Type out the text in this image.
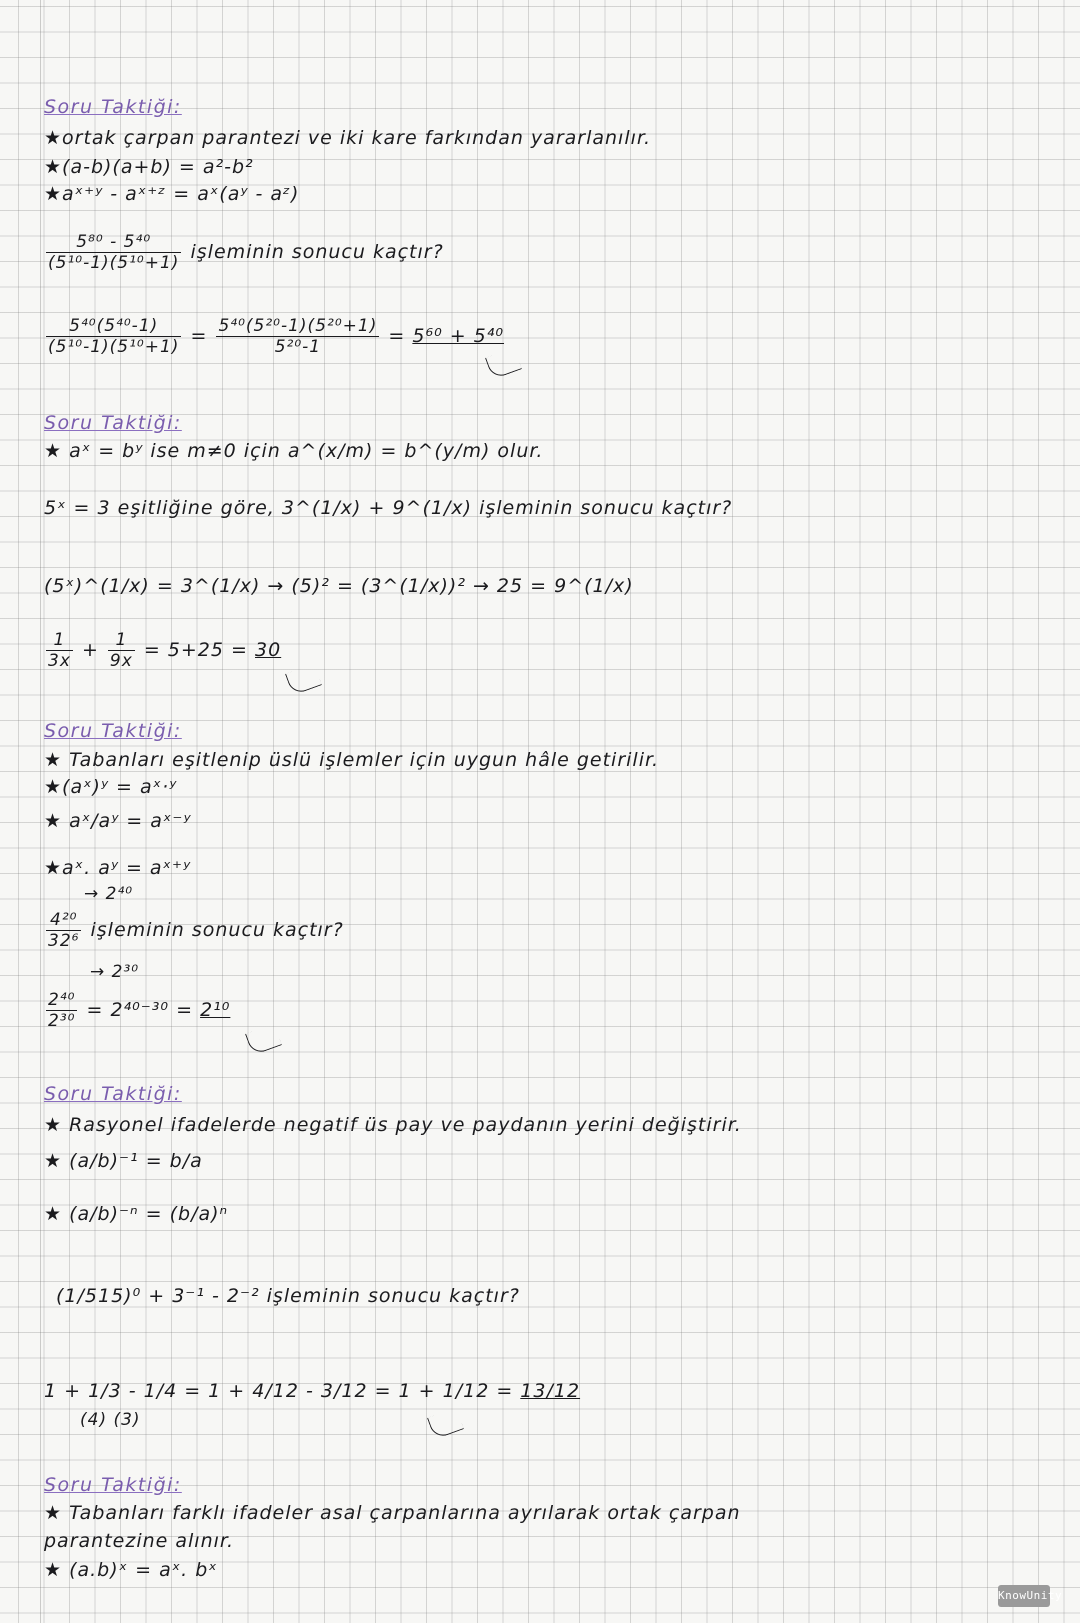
Soru Taktiği:
★ortak çarpan parantezi ve iki kare farkından yararlanılır.
★(a-b)(a+b) = a²-b²
★aˣ⁺ʸ - aˣ⁺ᶻ = aˣ(aʸ - aᶻ)
$\frac{\text{5⁸⁰ - 5⁴⁰}}{\text{(5¹⁰-1)(5¹⁰+1)}}$ işleminin sonucu kaçtır?
$\frac{\text{5⁴⁰(5⁴⁰-1)}}{\text{(5¹⁰-1)(5¹⁰+1)}} = \frac{\text{5⁴⁰(5²⁰-1)(5²⁰+1)}}{\text{5²⁰-1}} = 5^{60} + 5^{40}$
Soru Taktiği:
★ aˣ = bʸ ise m≠0 için a^(x/m) = b^(y/m) olur.
5ˣ = 3 eşitliğine göre, 3^(1/x) + 9^(1/x) işleminin sonucu kaçtır?
(5ˣ)^(1/x) = 3^(1/x) → (5)² = (3^(1/x))² → 25 = 9^(1/x)
$\frac{1}{3x} + \frac{1}{9x} = 5+25 = 30$
Soru Taktiği:
★ Tabanları eşitlenip üslü işlemler için uygun hâle getirilir.
★(aˣ)ʸ = aˣ·ʸ
★ aˣ/aʸ = aˣ⁻ʸ
★aˣ. aʸ = aˣ⁺ʸ
→ 2⁴⁰
$\frac{\text{4²⁰}}{\text{32⁶}}$ işleminin sonucu kaçtır?
→ 2³⁰
$\frac{\text{2⁴⁰}}{\text{2³⁰}} = 2^{40-30} = 2^{10}$
Soru Taktiği:
★ Rasyonel ifadelerde negatif üs pay ve paydanın yerini değiştirir.
★ (a/b)⁻¹ = b/a
★ (a/b)⁻ⁿ = (b/a)ⁿ
(1/515)⁰ + 3⁻¹ - 2⁻² işleminin sonucu kaçtır?
1 + 1/3 - 1/4 = 1 + 4/12 - 3/12 = 1 + 1/12 = 13/12
(4) (3)
Soru Taktiği:
★ Tabanları farklı ifadeler asal çarpanlarına ayrılarak ortak çarpan
parantezine alınır.
★ (a.b)ˣ = aˣ. bˣ
KnowUnity
